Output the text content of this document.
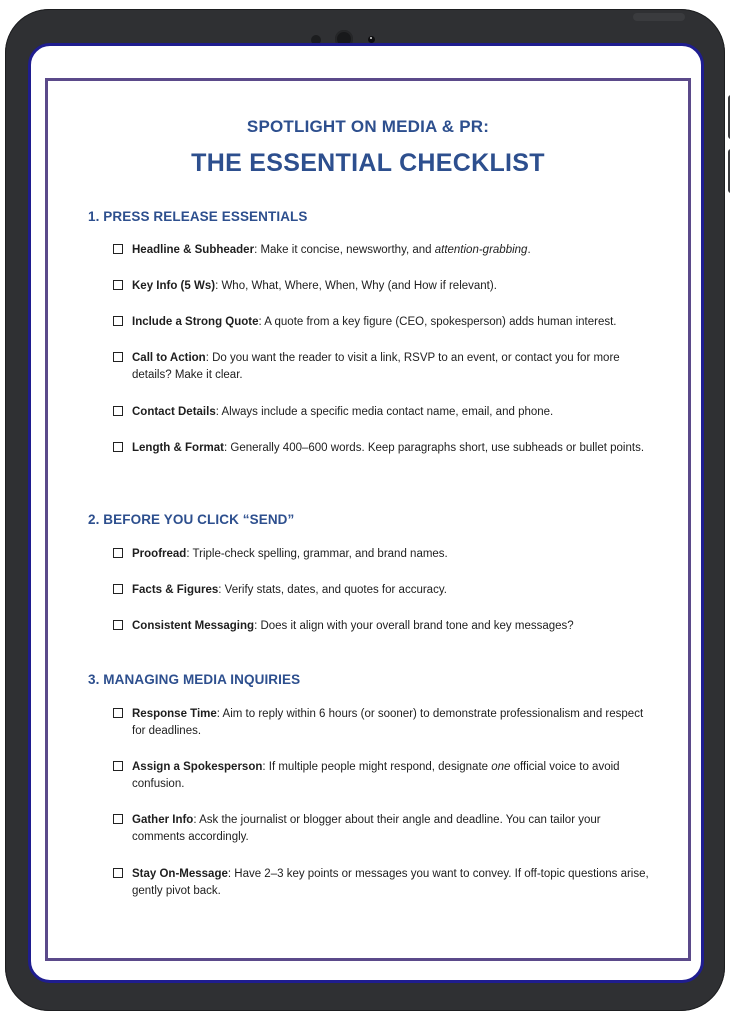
SPOTLIGHT ON MEDIA & PR:
THE ESSENTIAL CHECKLIST
1. PRESS RELEASE ESSENTIALS
Headline & Subheader: Make it concise, newsworthy, and attention-grabbing.
Key Info (5 Ws): Who, What, Where, When, Why (and How if relevant).
Include a Strong Quote: A quote from a key figure (CEO, spokesperson) adds human interest.
Call to Action: Do you want the reader to visit a link, RSVP to an event, or contact you for more details? Make it clear.
Contact Details: Always include a specific media contact name, email, and phone.
Length & Format: Generally 400–600 words. Keep paragraphs short, use subheads or bullet points.
2. BEFORE YOU CLICK “SEND”
Proofread: Triple-check spelling, grammar, and brand names.
Facts & Figures: Verify stats, dates, and quotes for accuracy.
Consistent Messaging: Does it align with your overall brand tone and key messages?
3. MANAGING MEDIA INQUIRIES
Response Time: Aim to reply within 6 hours (or sooner) to demonstrate professionalism and respect for deadlines.
Assign a Spokesperson: If multiple people might respond, designate one official voice to avoid confusion.
Gather Info: Ask the journalist or blogger about their angle and deadline. You can tailor your comments accordingly.
Stay On-Message: Have 2–3 key points or messages you want to convey. If off-topic questions arise, gently pivot back.
